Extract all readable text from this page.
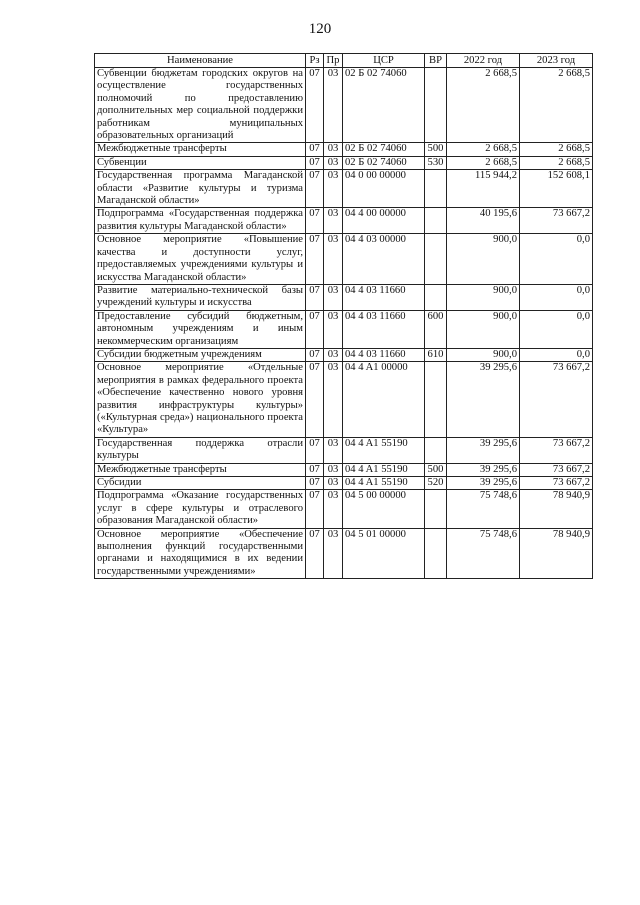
120
Наименование	Рз	Пр	ЦСР	ВР	2022 год	2023 год
Субвенции бюджетам городских округов на осуществление государственных полномочий по предоставлению дополнительных мер социальной поддержки работникам муниципальных образовательных организаций	07	03	02 Б 02 74060		2 668,5	2 668,5
Межбюджетные трансферты	07	03	02 Б 02 74060	500	2 668,5	2 668,5
Субвенции	07	03	02 Б 02 74060	530	2 668,5	2 668,5
Государственная программа Магаданской области «Развитие культуры и туризма Магаданской области»	07	03	04 0 00 00000		115 944,2	152 608,1
Подпрограмма «Государственная поддержка развития культуры Магаданской области»	07	03	04 4 00 00000		40 195,6	73 667,2
Основное мероприятие «Повышение качества и доступности услуг, предоставляемых учреждениями культуры и искусства Магаданской области»	07	03	04 4 03 00000		900,0	0,0
Развитие материально-технической базы учреждений культуры и искусства	07	03	04 4 03 11660		900,0	0,0
Предоставление субсидий бюджетным, автономным учреждениям и иным некоммерческим организациям	07	03	04 4 03 11660	600	900,0	0,0
Субсидии бюджетным учреждениям	07	03	04 4 03 11660	610	900,0	0,0
Основное мероприятие «Отдельные мероприятия в рамках федерального проекта «Обеспечение качественно нового уровня развития инфраструктуры культуры» («Культурная среда») национального проекта «Культура»	07	03	04 4 A1 00000		39 295,6	73 667,2
Государственная поддержка отрасли культуры	07	03	04 4 A1 55190		39 295,6	73 667,2
Межбюджетные трансферты	07	03	04 4 A1 55190	500	39 295,6	73 667,2
Субсидии	07	03	04 4 A1 55190	520	39 295,6	73 667,2
Подпрограмма «Оказание государственных услуг в сфере культуры и отраслевого образования Магаданской области»	07	03	04 5 00 00000		75 748,6	78 940,9
Основное мероприятие «Обеспечение выполнения функций государственными органами и находящимися в их ведении государственными учреждениями»	07	03	04 5 01 00000		75 748,6	78 940,9
